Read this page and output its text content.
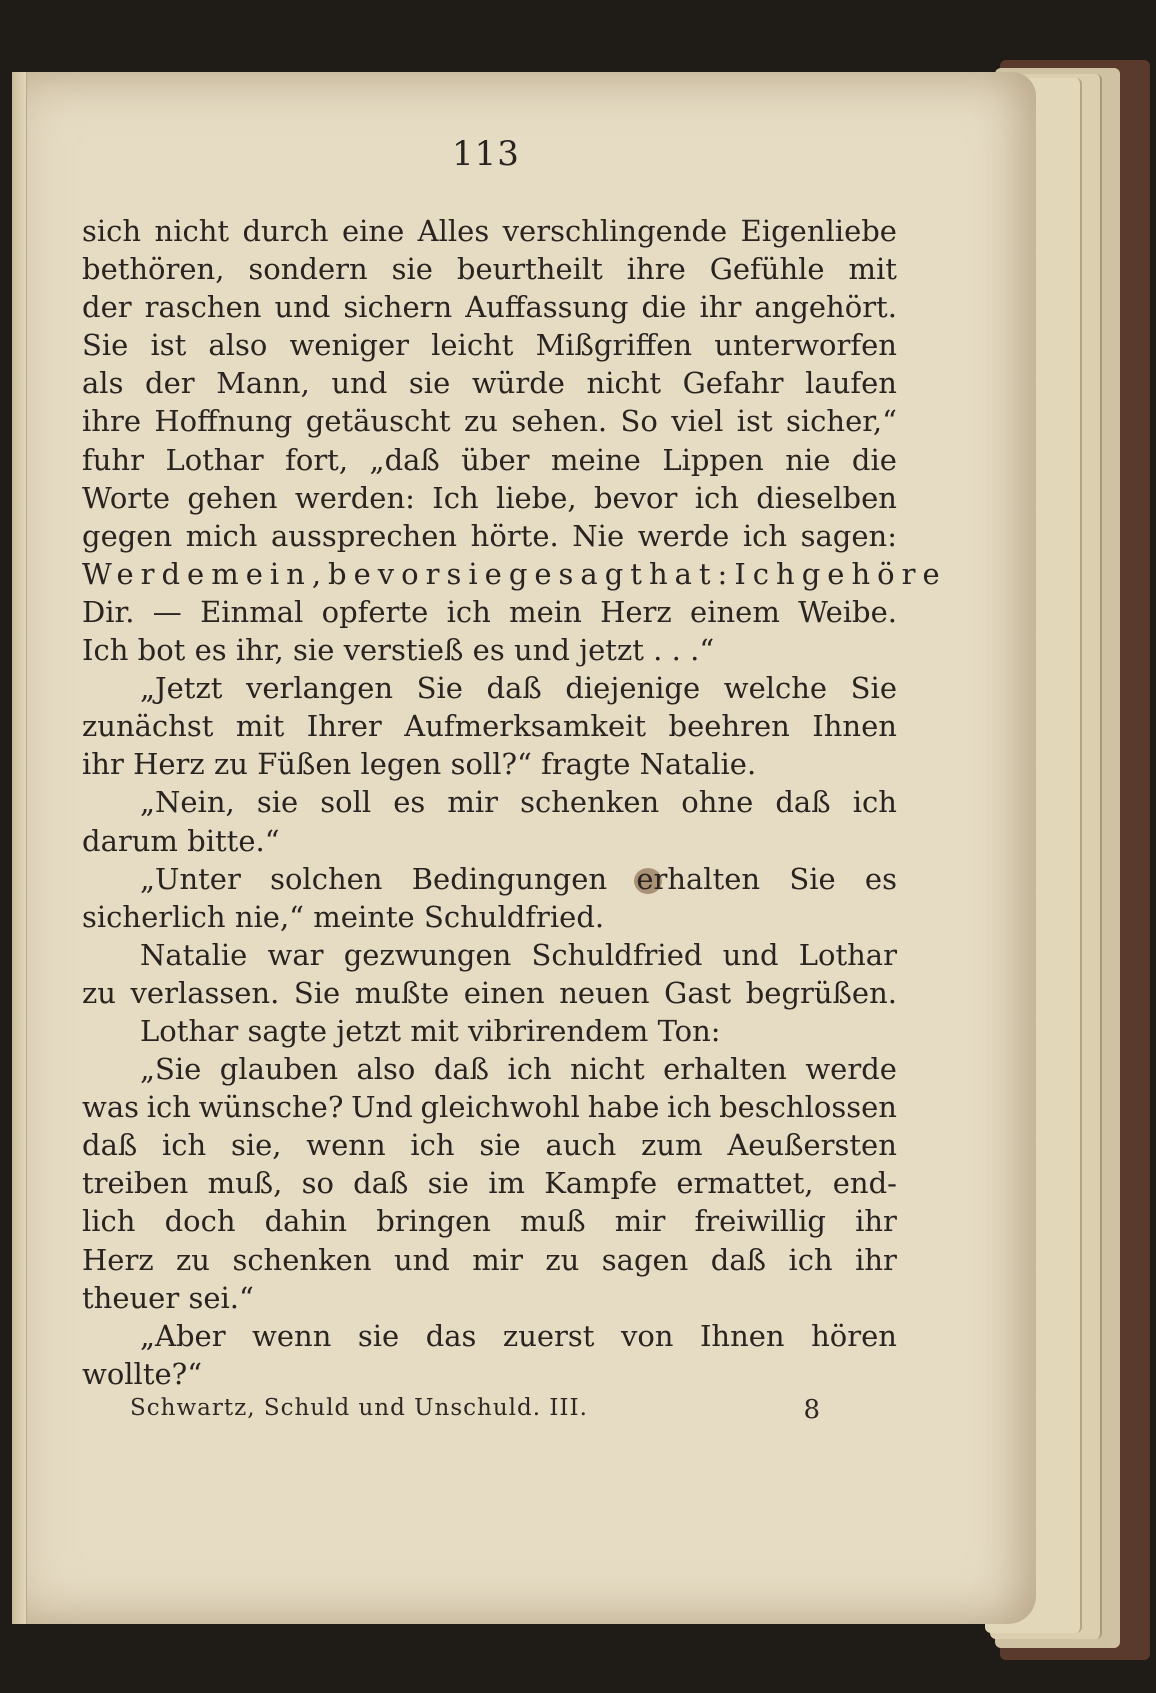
113
sich nicht durch eine Alles verschlingende Eigenliebe
bethören, sondern sie beurtheilt ihre Gefühle mit
der raschen und sichern Auffassung die ihr angehört.
Sie ist also weniger leicht Mißgriffen unterworfen
als der Mann, und sie würde nicht Gefahr laufen
ihre Hoffnung getäuscht zu sehen. So viel ist sicher,“
fuhr Lothar fort, „daß über meine Lippen nie die
Worte gehen werden: Ich liebe, bevor ich dieselben
gegen mich aussprechen hörte. Nie werde ich sagen:
Werde mein, bevor sie gesagt hat: Ich gehöre
Dir. — Einmal opferte ich mein Herz einem Weibe.
Ich bot es ihr, sie verstieß es und jetzt . . .“
„Jetzt verlangen Sie daß diejenige welche Sie
zunächst mit Ihrer Aufmerksamkeit beehren Ihnen
ihr Herz zu Füßen legen soll?“ fragte Natalie.
„Nein, sie soll es mir schenken ohne daß ich
darum bitte.“
„Unter solchen Bedingungen erhalten Sie es
sicherlich nie,“ meinte Schuldfried.
Natalie war gezwungen Schuldfried und Lothar
zu verlassen. Sie mußte einen neuen Gast begrüßen.
Lothar sagte jetzt mit vibrirendem Ton:
„Sie glauben also daß ich nicht erhalten werde
was ich wünsche? Und gleichwohl habe ich beschlossen
daß ich sie, wenn ich sie auch zum Aeußersten
treiben muß, so daß sie im Kampfe ermattet, end-
lich doch dahin bringen muß mir freiwillig ihr
Herz zu schenken und mir zu sagen daß ich ihr
theuer sei.“
„Aber wenn sie das zuerst von Ihnen hören
wollte?“
Schwartz, Schuld und Unschuld. III.	8
